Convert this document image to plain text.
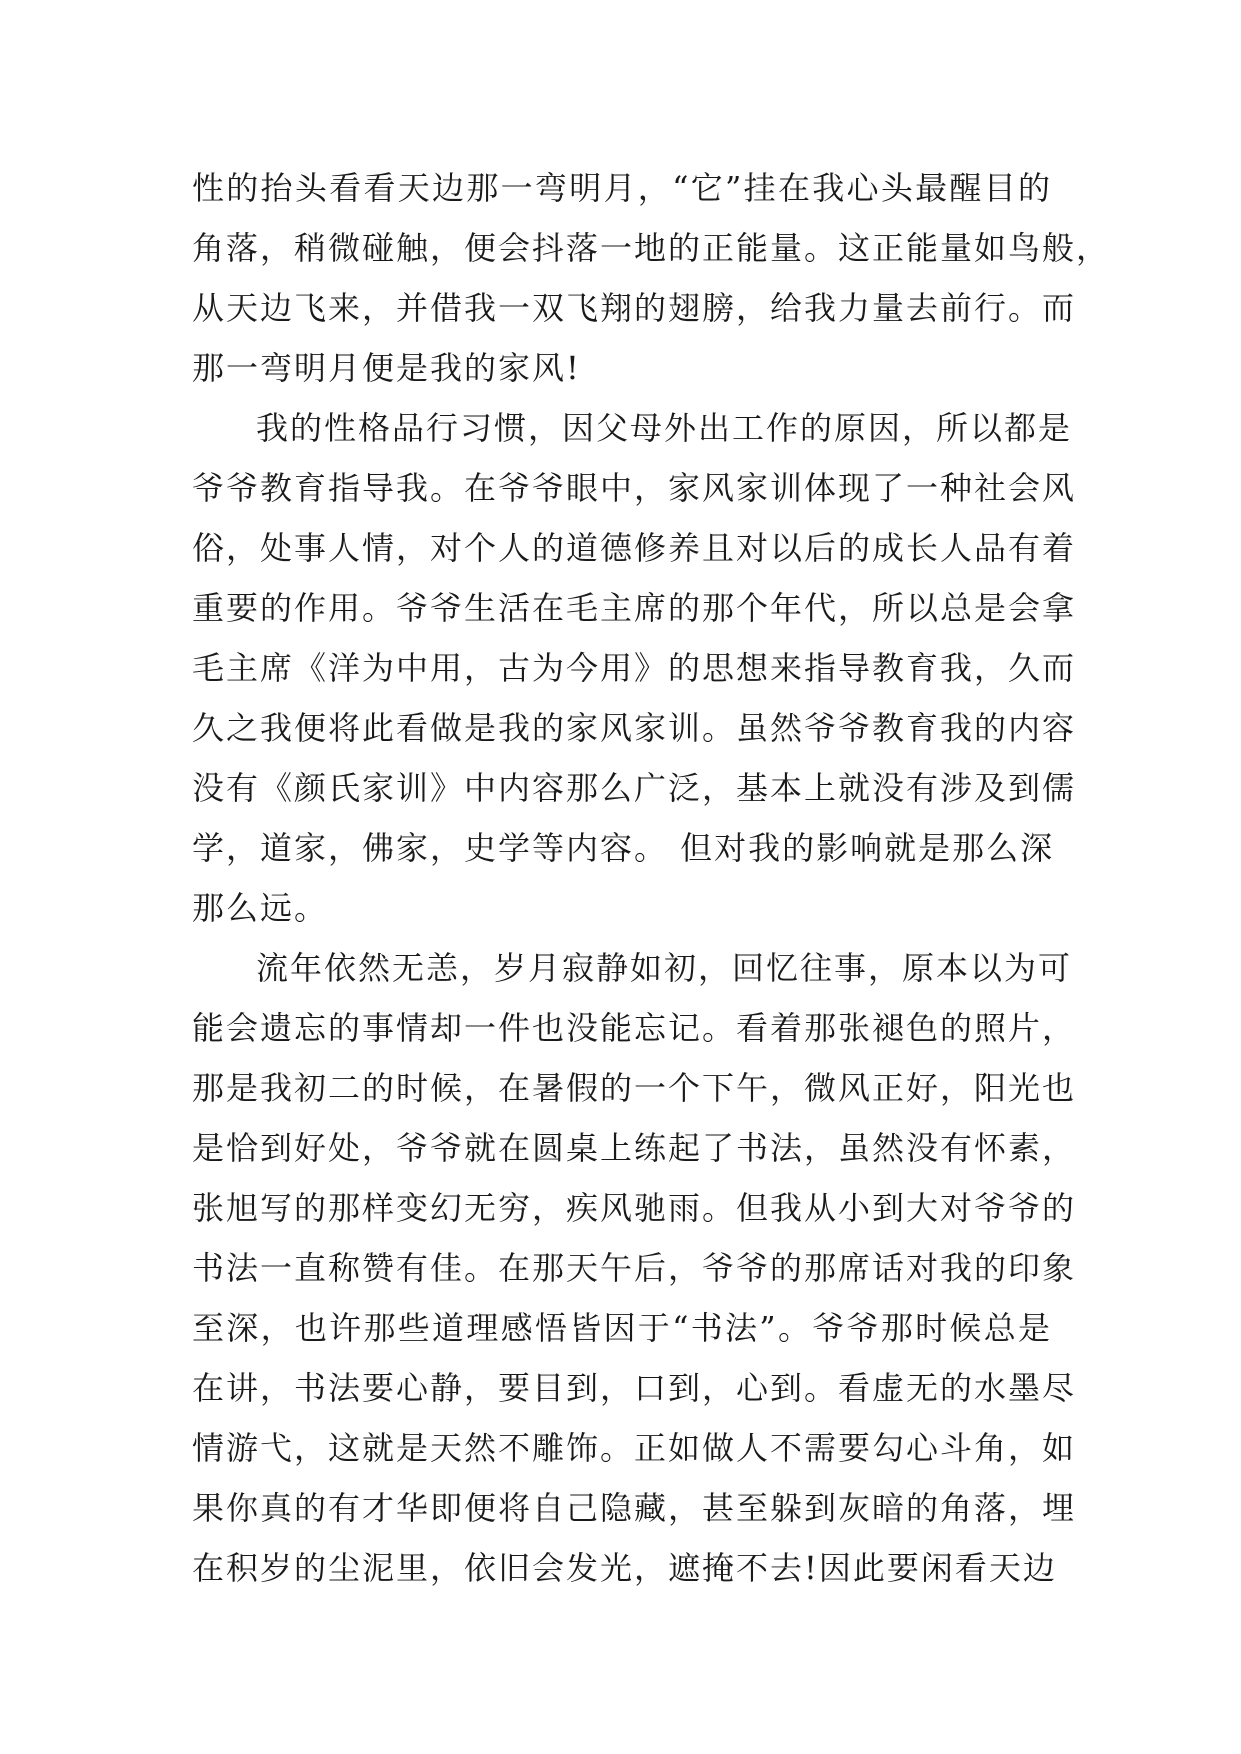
性的抬头看看天边那一弯明月，“它”挂在我心头最醒目的
角落，稍微碰触，便会抖落一地的正能量。这正能量如鸟般，
从天边飞来，并借我一双飞翔的翅膀，给我力量去前行。而
那一弯明月便是我的家风!
我的性格品行习惯，因父母外出工作的原因，所以都是
爷爷教育指导我。在爷爷眼中，家风家训体现了一种社会风
俗，处事人情，对个人的道德修养且对以后的成长人品有着
重要的作用。爷爷生活在毛主席的那个年代，所以总是会拿
毛主席《洋为中用，古为今用》的思想来指导教育我，久而
久之我便将此看做是我的家风家训。虽然爷爷教育我的内容
没有《颜氏家训》中内容那么广泛，基本上就没有涉及到儒
学，道家，佛家，史学等内容。 但对我的影响就是那么深
那么远。
流年依然无恙，岁月寂静如初，回忆往事，原本以为可
能会遗忘的事情却一件也没能忘记。看着那张褪色的照片，
那是我初二的时候，在暑假的一个下午，微风正好，阳光也
是恰到好处，爷爷就在圆桌上练起了书法，虽然没有怀素，
张旭写的那样变幻无穷，疾风驰雨。但我从小到大对爷爷的
书法一直称赞有佳。在那天午后，爷爷的那席话对我的印象
至深，也许那些道理感悟皆因于“书法”。爷爷那时候总是
在讲，书法要心静，要目到，口到，心到。看虚无的水墨尽
情游弋，这就是天然不雕饰。正如做人不需要勾心斗角，如
果你真的有才华即便将自己隐藏，甚至躲到灰暗的角落，埋
在积岁的尘泥里，依旧会发光，遮掩不去!因此要闲看天边
